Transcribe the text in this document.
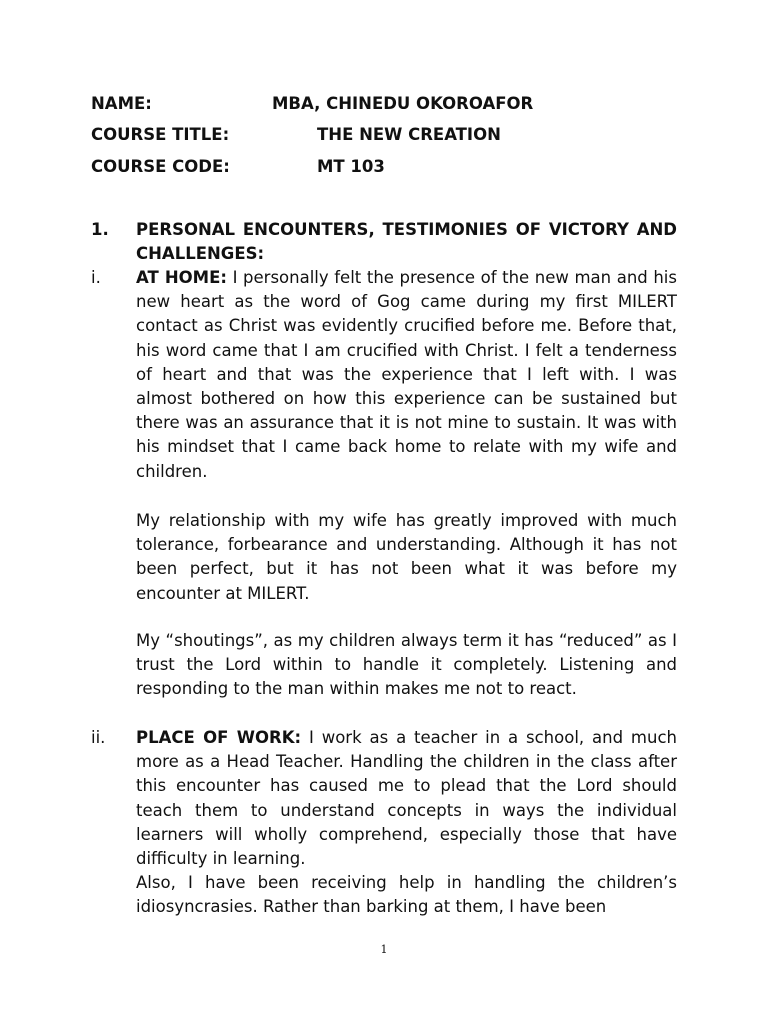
NAME:	MBA, CHINEDU OKOROAFOR
COURSE TITLE:	THE NEW CREATION
COURSE CODE:	MT 103
1. PERSONAL ENCOUNTERS, TESTIMONIES OF VICTORY AND CHALLENGES:
i. AT HOME: I personally felt the presence of the new man and his new heart as the word of Gog came during my first MILERT contact as Christ was evidently crucified before me. Before that, his word came that I am crucified with Christ. I felt a tenderness of heart and that was the experience that I left with. I was almost bothered on how this experience can be sustained but there was an assurance that it is not mine to sustain. It was with his mindset that I came back home to relate with my wife and children.

My relationship with my wife has greatly improved with much tolerance, forbearance and understanding. Although it has not been perfect, but it has not been what it was before my encounter at MILERT.

My “shoutings”, as my children always term it has “reduced” as I trust the Lord within to handle it completely. Listening and responding to the man within makes me not to react.

ii. PLACE OF WORK: I work as a teacher in a school, and much more as a Head Teacher. Handling the children in the class after this encounter has caused me to plead that the Lord should teach them to understand concepts in ways the individual learners will wholly comprehend, especially those that have difficulty in learning.

Also, I have been receiving help in handling the children’s idiosyncrasies. Rather than barking at them, I have been

1
